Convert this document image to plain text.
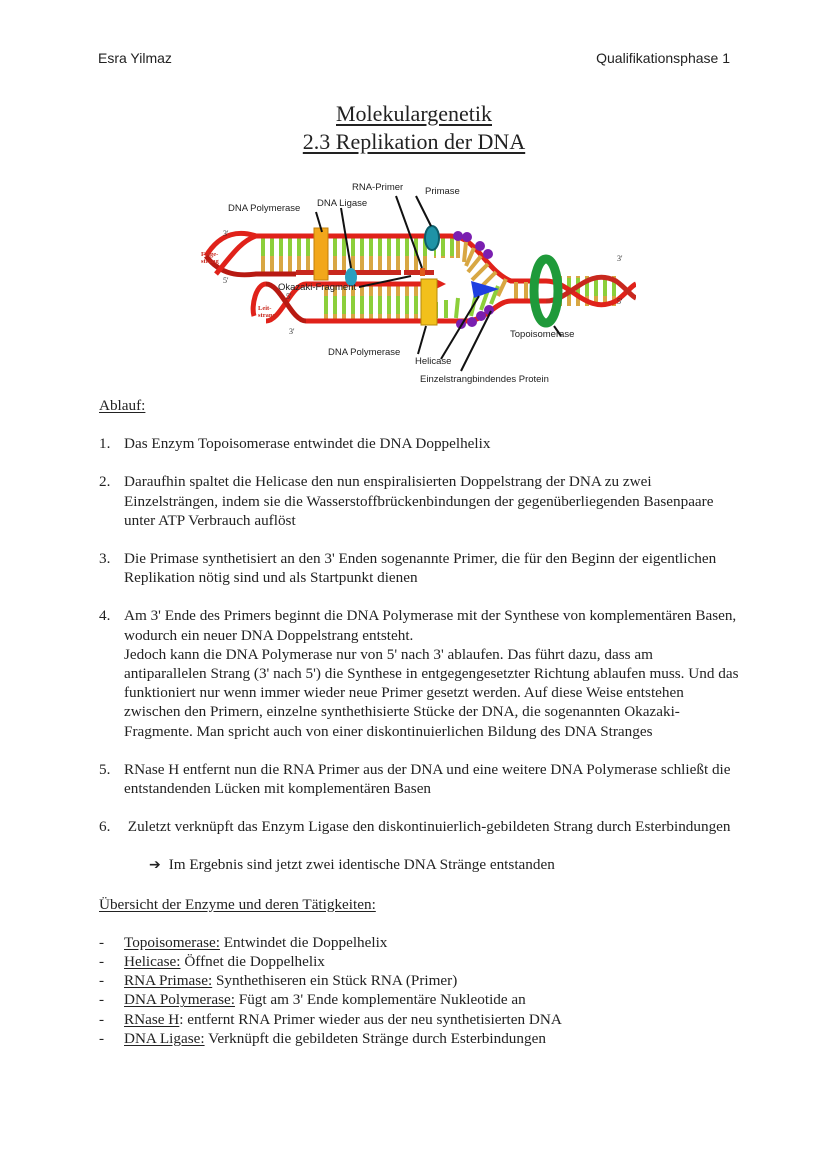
Esra Yilmaz	Qualifikationsphase 1
Molekulargenetik
2.3 Replikation der DNA
DNA Polymerase DNA Ligase
RNA-Primer Primase
Okazaki-Fragment
DNA Polymerase
Helicase
Einzelstrangbindendes Protein
Topoisomerase
3'
5'
5'
3'
3'
5'
Folge-
strang
Leit-
strang
Ablauf:
1. Das Enzym Topoisomerase entwindet die DNA Doppelhelix
2. Daraufhin spaltet die Helicase den nun enspiralisierten Doppelstrang der DNA zu zwei Einzelsträngen, indem sie die Wasserstoffbrückenbindungen der gegenüberliegenden Basenpaare unter ATP Verbrauch auflöst
3. Die Primase synthetisiert an den 3' Enden sogenannte Primer, die für den Beginn der eigentlichen Replikation nötig sind und als Startpunkt dienen
4. Am 3' Ende des Primers beginnt die DNA Polymerase mit der Synthese von komplementären Basen, wodurch ein neuer DNA Doppelstrang entsteht.
Jedoch kann die DNA Polymerase nur von 5' nach 3' ablaufen. Das führt dazu, dass am antiparallelen Strang (3' nach 5') die Synthese in entgegengesetzter Richtung ablaufen muss. Und das funktioniert nur wenn immer wieder neue Primer gesetzt werden. Auf diese Weise entstehen zwischen den Primern, einzelne synthethisierte Stücke der DNA, die sogenannten Okazaki-Fragmente. Man spricht auch von einer diskontinuierlichen Bildung des DNA Stranges
5. RNase H entfernt nun die RNA Primer aus der DNA und eine weitere DNA Polymerase schließt die entstandenden Lücken mit komplementären Basen
6. Zuletzt verknüpft das Enzym Ligase den diskontinuierlich-gebildeten Strang durch Esterbindungen
➔ Im Ergebnis sind jetzt zwei identische DNA Stränge entstanden
Übersicht der Enzyme und deren Tätigkeiten:
- Topoisomerase: Entwindet die Doppelhelix
- Helicase: Öffnet die Doppelhelix
- RNA Primase: Synthethiseren ein Stück RNA (Primer)
- DNA Polymerase: Fügt am 3' Ende komplementäre Nukleotide an
- RNase H: entfernt RNA Primer wieder aus der neu synthetisierten DNA
- DNA Ligase: Verknüpft die gebildeten Stränge durch Esterbindungen
